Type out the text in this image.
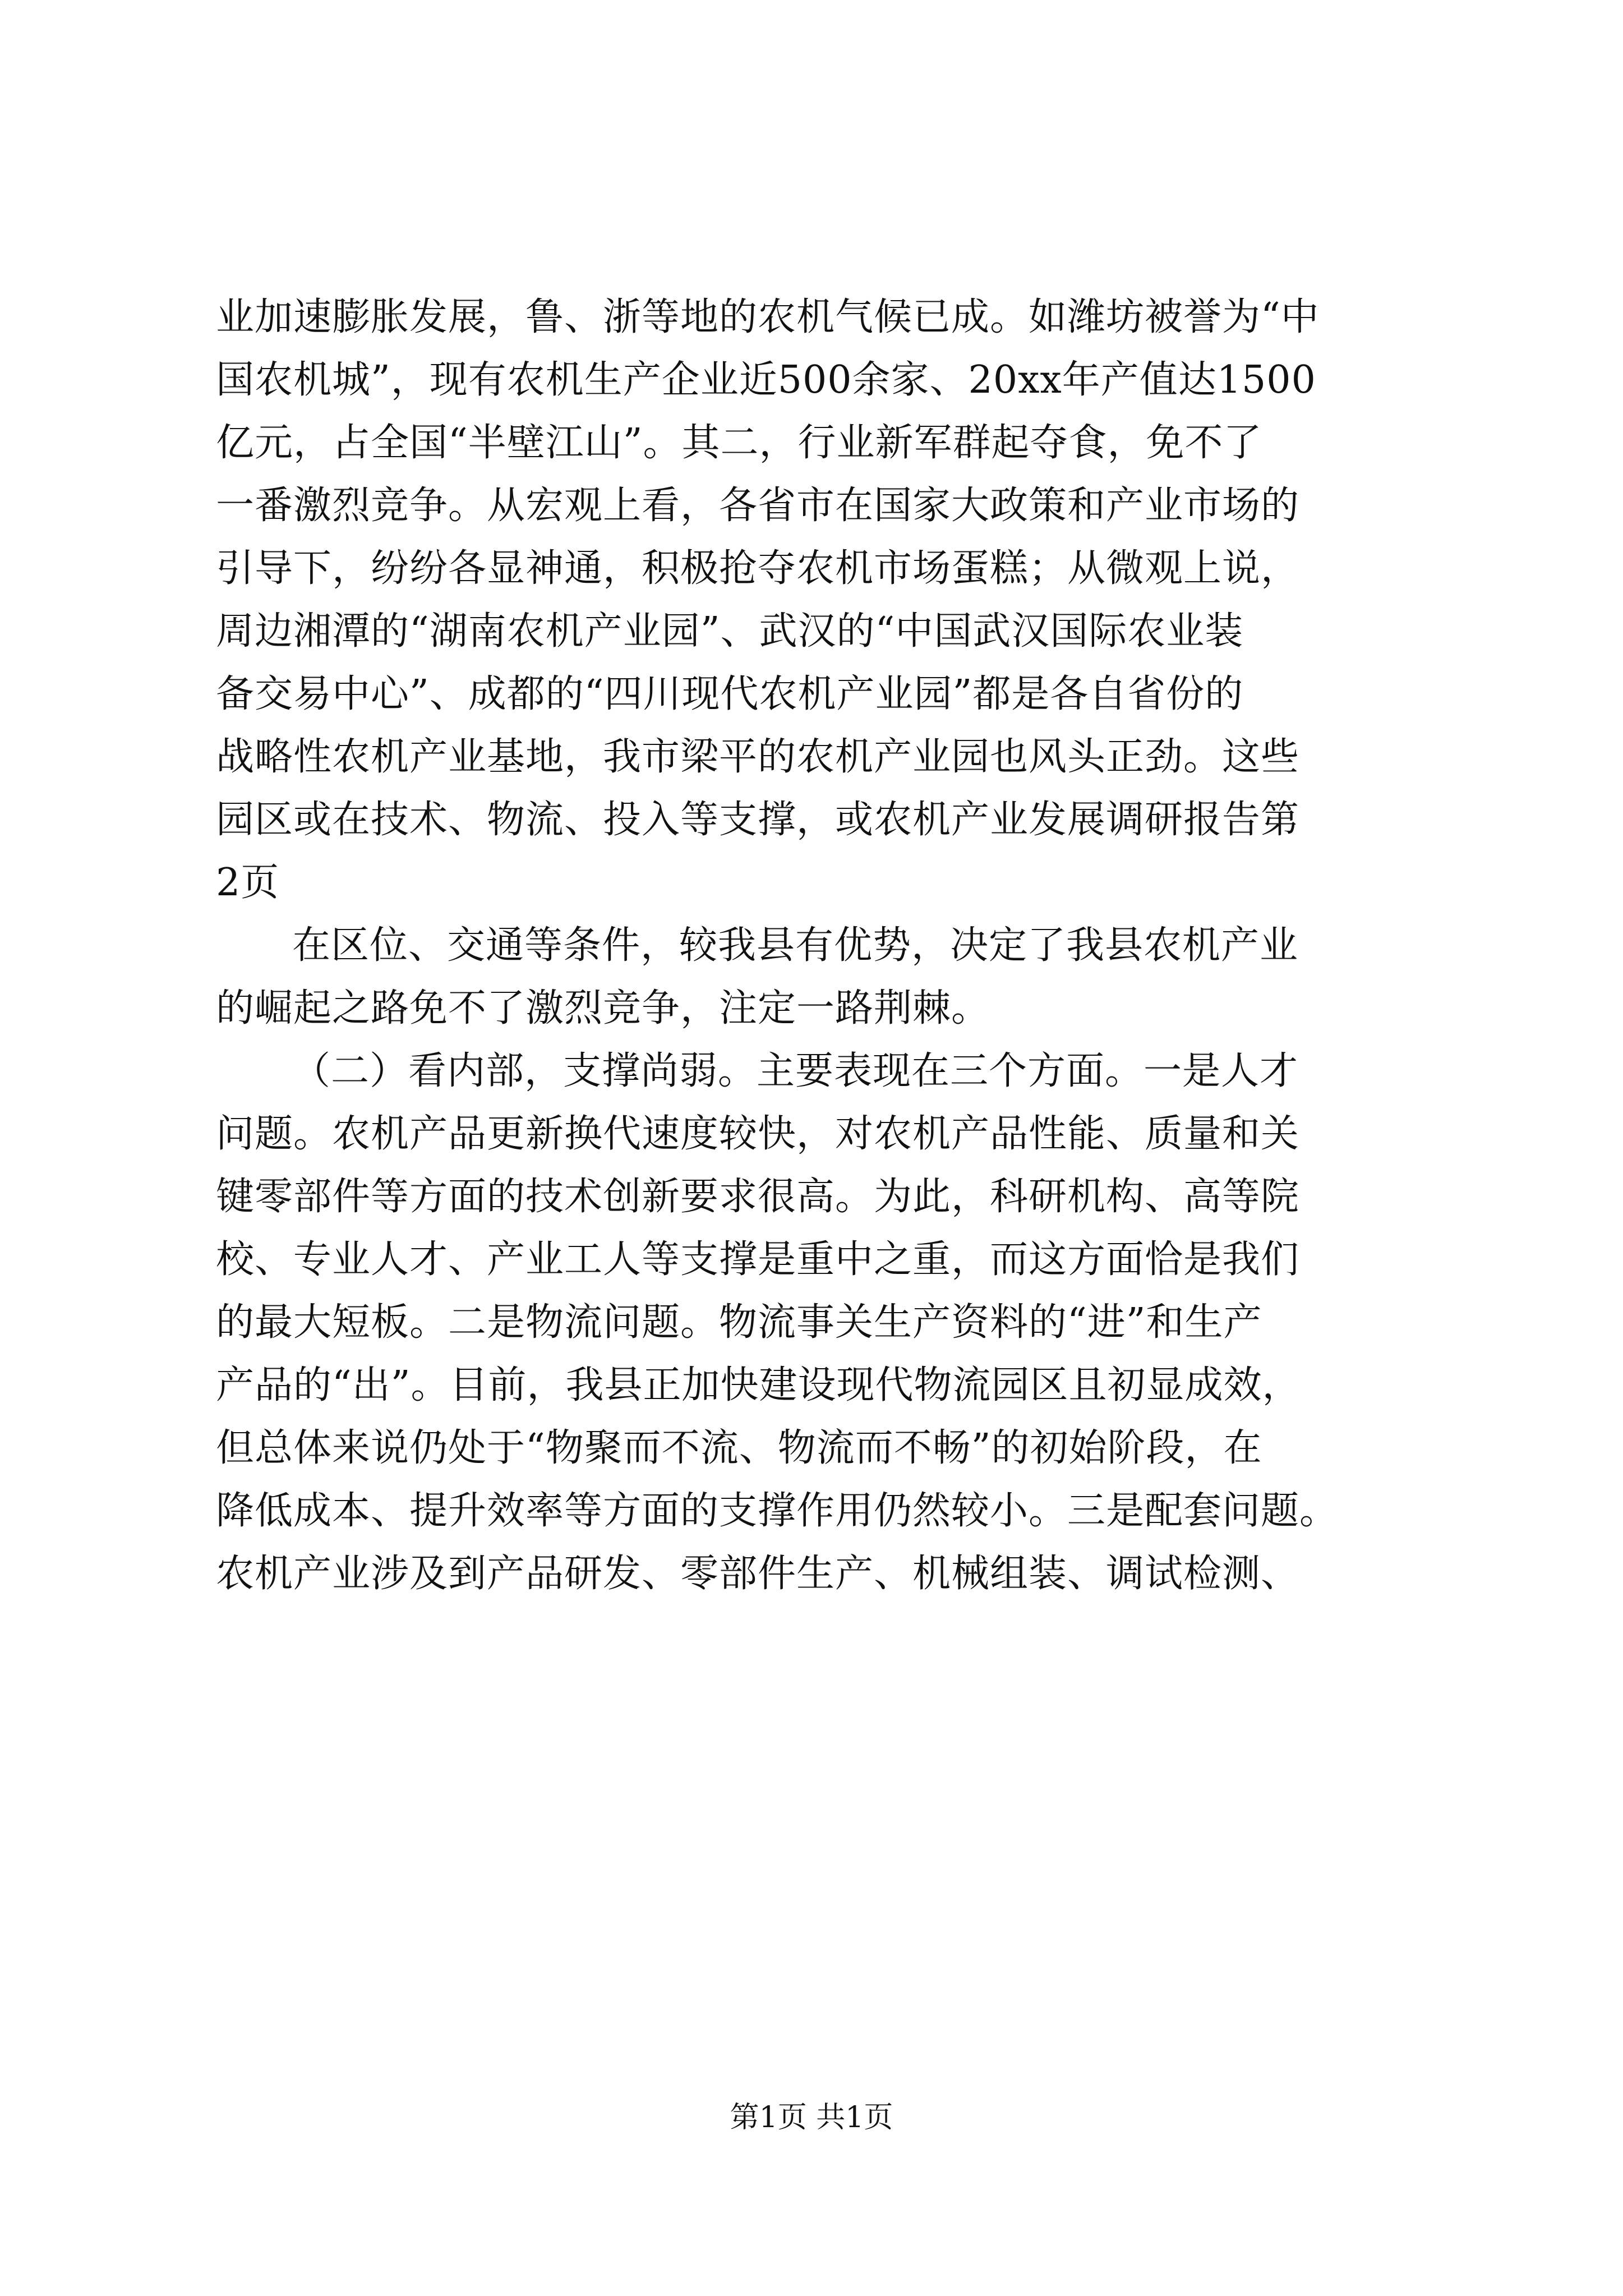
业加速膨胀发展，鲁、浙等地的农机气候已成。如潍坊被誉为“中
国农机城”，现有农机生产企业近500余家、20xx年产值达1500
亿元，占全国“半壁江山”。其二，行业新军群起夺食，免不了
一番激烈竞争。从宏观上看，各省市在国家大政策和产业市场的
引导下，纷纷各显神通，积极抢夺农机市场蛋糕；从微观上说，
周边湘潭的“湖南农机产业园”、武汉的“中国武汉国际农业装
备交易中心”、成都的“四川现代农机产业园”都是各自省份的
战略性农机产业基地，我市梁平的农机产业园也风头正劲。这些
园区或在技术、物流、投入等支撑，或农机产业发展调研报告第
2页

在区位、交通等条件，较我县有优势，决定了我县农机产业
的崛起之路免不了激烈竞争，注定一路荆棘。

（二）看内部，支撑尚弱。主要表现在三个方面。一是人才
问题。农机产品更新换代速度较快，对农机产品性能、质量和关
键零部件等方面的技术创新要求很高。为此，科研机构、高等院
校、专业人才、产业工人等支撑是重中之重，而这方面恰是我们
的最大短板。二是物流问题。物流事关生产资料的“进”和生产
产品的“出”。目前，我县正加快建设现代物流园区且初显成效，
但总体来说仍处于“物聚而不流、物流而不畅”的初始阶段，在
降低成本、提升效率等方面的支撑作用仍然较小。三是配套问题。
农机产业涉及到产品研发、零部件生产、机械组装、调试检测、

第1页 共1页
